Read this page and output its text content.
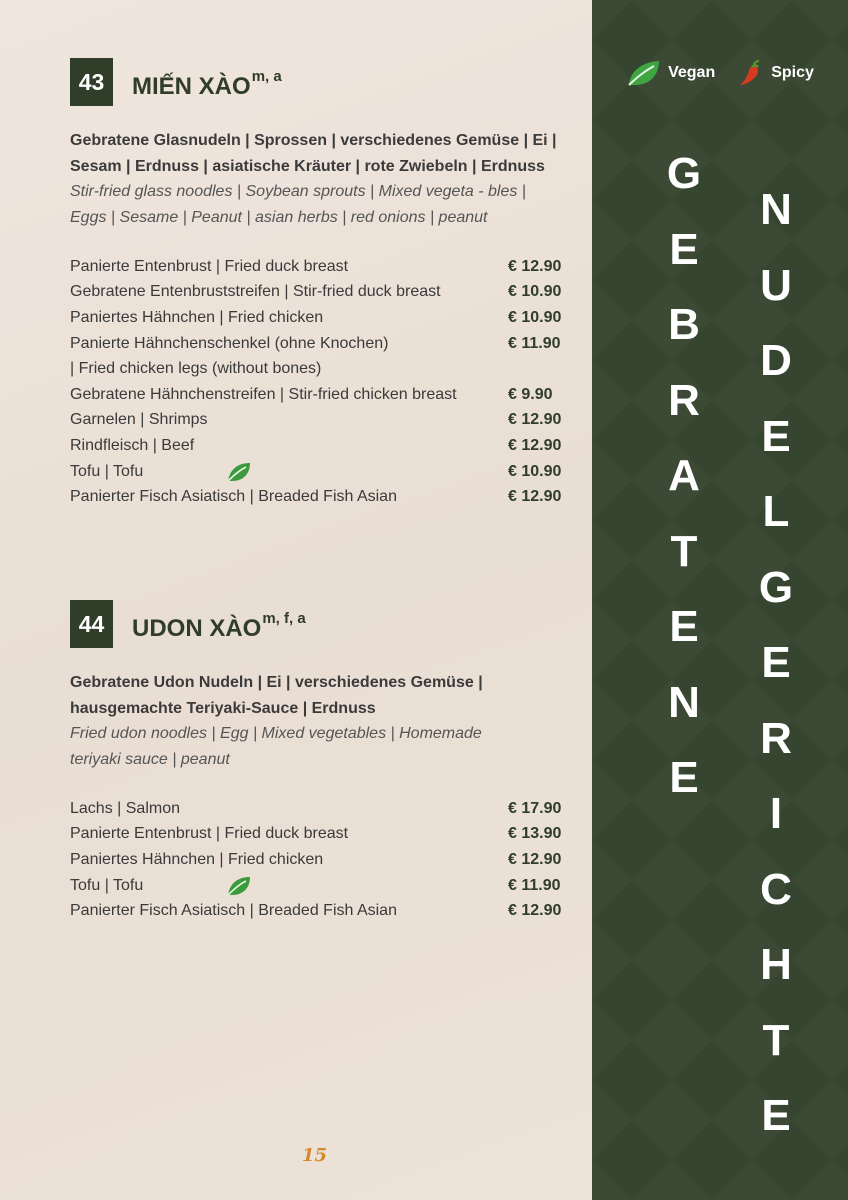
43	MIẾN XÀO$^{m, a}$
Gebratene Glasnudeln | Sprossen | verschiedenes Gemüse | Ei |
Sesam | Erdnuss | asiatische Kräuter | rote Zwiebeln | Erdnuss
Stir-fried glass noodles | Soybean sprouts | Mixed vegeta - bles |
Eggs | Sesame | Peanut | asian herbs | red onions | peanut
Panierte Entenbrust | Fried duck breast	€ 12.90
Gebratene Entenbruststreifen | Stir-fried duck breast	€ 10.90
Paniertes Hähnchen | Fried chicken	€ 10.90
Panierte Hähnchenschenkel (ohne Knochen)	€ 11.90
| Fried chicken legs (without bones)
Gebratene Hähnchenstreifen | Stir-fried chicken breast	€ 9.90
Garnelen | Shrimps	€ 12.90
Rindfleisch | Beef	€ 12.90
Tofu | Tofu	€ 10.90
Panierter Fisch Asiatisch | Breaded Fish Asian	€ 12.90
44	UDON XÀO$^{m, f, a}$
Gebratene Udon Nudeln | Ei | verschiedenes Gemüse |
hausgemachte Teriyaki-Sauce | Erdnuss
Fried udon noodles | Egg | Mixed vegetables | Homemade
teriyaki sauce | peanut
Lachs | Salmon	€ 17.90
Panierte Entenbrust | Fried duck breast	€ 13.90
Paniertes Hähnchen | Fried chicken	€ 12.90
Tofu | Tofu	€ 11.90
Panierter Fisch Asiatisch | Breaded Fish Asian	€ 12.90
15
Vegan	Spicy
G
E
B
R
A
T
E
N
E
N
U
D
E
L
G
E
R
I
C
H
T
E
